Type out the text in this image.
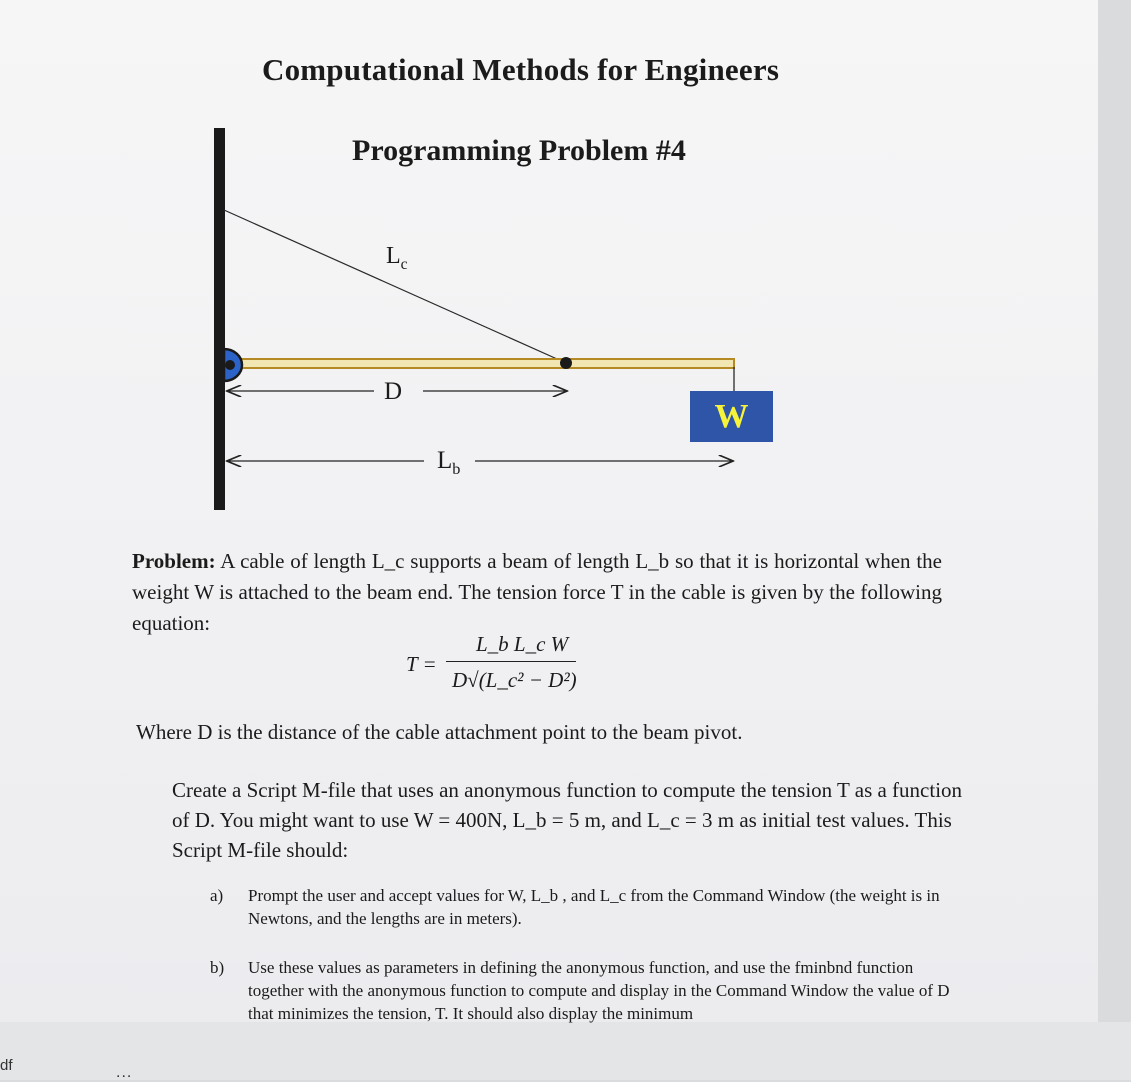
Computational Methods for Engineers
Programming Problem #4
$L_c$
D
$L_b$
W
Problem: A cable of length L_c supports a beam of length L_b so that it is horizontal when the weight W is attached to the beam end. The tension force T in the cable is given by the following equation:
T =
L_b L_c W
D√(L_c² − D²)
Where D is the distance of the cable attachment point to the beam pivot.
Create a Script M-file that uses an anonymous function to compute the tension T as a function of D. You might want to use W = 400N, L_b = 5 m, and L_c = 3 m as initial test values. This Script M-file should:
a) Prompt the user and accept values for W, L_b , and L_c from the Command Window (the weight is in Newtons, and the lengths are in meters).
b) Use these values as parameters in defining the anonymous function, and use the fminbnd function together with the anonymous function to compute and display in the Command Window the value of D that minimizes the tension, T. It should also display the minimum
df	...
